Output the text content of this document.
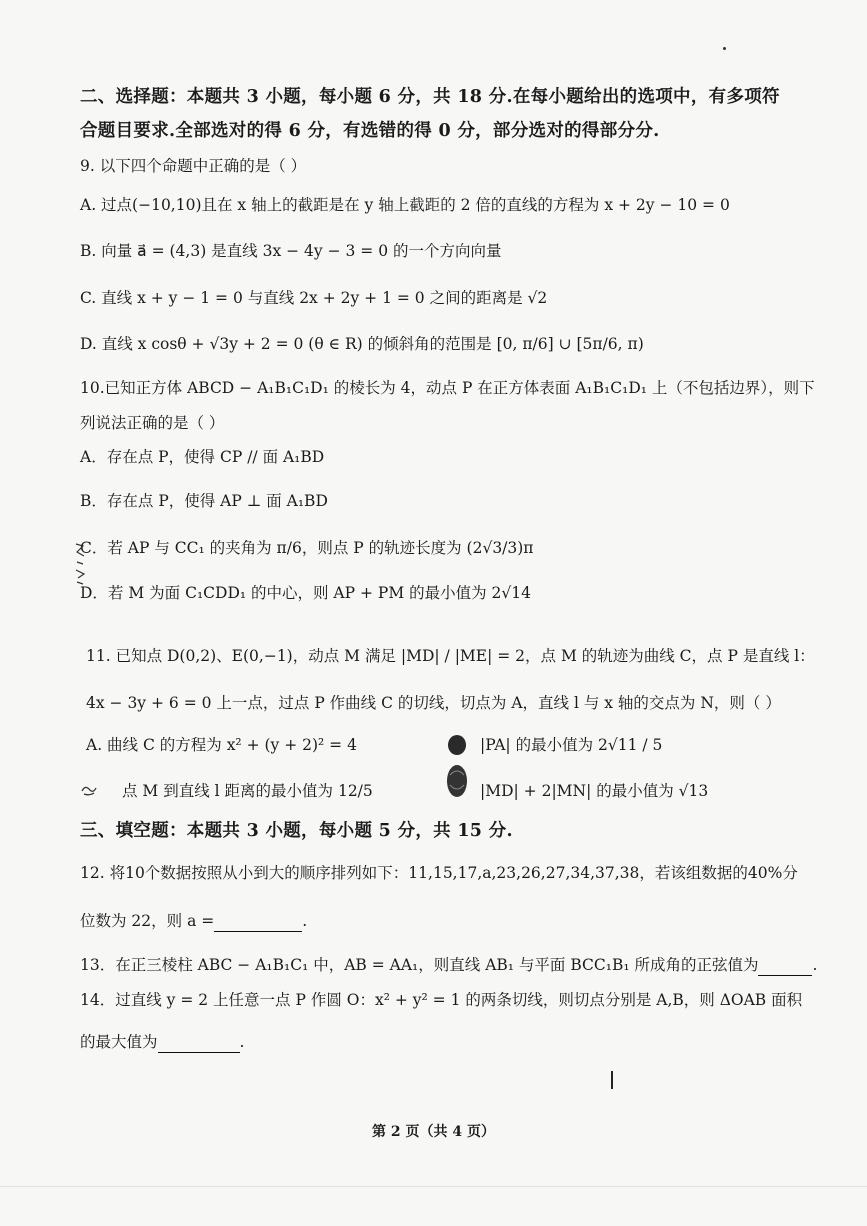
二、选择题：本题共 3 小题，每小题 6 分，共 18 分.在每小题给出的选项中，有多项符
合题目要求.全部选对的得 6 分，有选错的得 0 分，部分选对的得部分分.
9. 以下四个命题中正确的是（ ）
A. 过点(−10,10)且在 x 轴上的截距是在 y 轴上截距的 2 倍的直线的方程为 x + 2y − 10 = 0
B. 向量 a⃗ = (4,3) 是直线 3x − 4y − 3 = 0 的一个方向向量
C. 直线 x + y − 1 = 0 与直线 2x + 2y + 1 = 0 之间的距离是 √2
D. 直线 x cosθ + √3y + 2 = 0 (θ ∈ R) 的倾斜角的范围是 [0, π/6] ∪ [5π/6, π)
10.已知正方体 ABCD − A₁B₁C₁D₁ 的棱长为 4，动点 P 在正方体表面 A₁B₁C₁D₁ 上（不包括边界），则下
列说法正确的是（ ）
A．存在点 P，使得 CP // 面 A₁BD
B．存在点 P，使得 AP ⊥ 面 A₁BD
C．若 AP 与 CC₁ 的夹角为 π/6，则点 P 的轨迹长度为 (2√3/3)π
D．若 M 为面 C₁CDD₁ 的中心，则 AP + PM 的最小值为 2√14
11. 已知点 D(0,2)、E(0,−1)，动点 M 满足 |MD| / |ME| = 2，点 M 的轨迹为曲线 C，点 P 是直线 l：
4x − 3y + 6 = 0 上一点，过点 P 作曲线 C 的切线，切点为 A，直线 l 与 x 轴的交点为 N，则（ ）
A. 曲线 C 的方程为 x² + (y + 2)² = 4	|PA| 的最小值为 2√11 / 5
点 M 到直线 l 距离的最小值为 12/5	|MD| + 2|MN| 的最小值为 √13
三、填空题：本题共 3 小题，每小题 5 分，共 15 分.
12. 将10个数据按照从小到大的顺序排列如下：11,15,17,a,23,26,27,34,37,38，若该组数据的40%分
位数为 22，则 a =	.
13．在正三棱柱 ABC − A₁B₁C₁ 中，AB = AA₁，则直线 AB₁ 与平面 BCC₁B₁ 所成角的正弦值为	.
14．过直线 y = 2 上任意一点 P 作圆 O：x² + y² = 1 的两条切线，则切点分别是 A,B，则 ΔOAB 面积
的最大值为	.
第 2 页（共 4 页）
